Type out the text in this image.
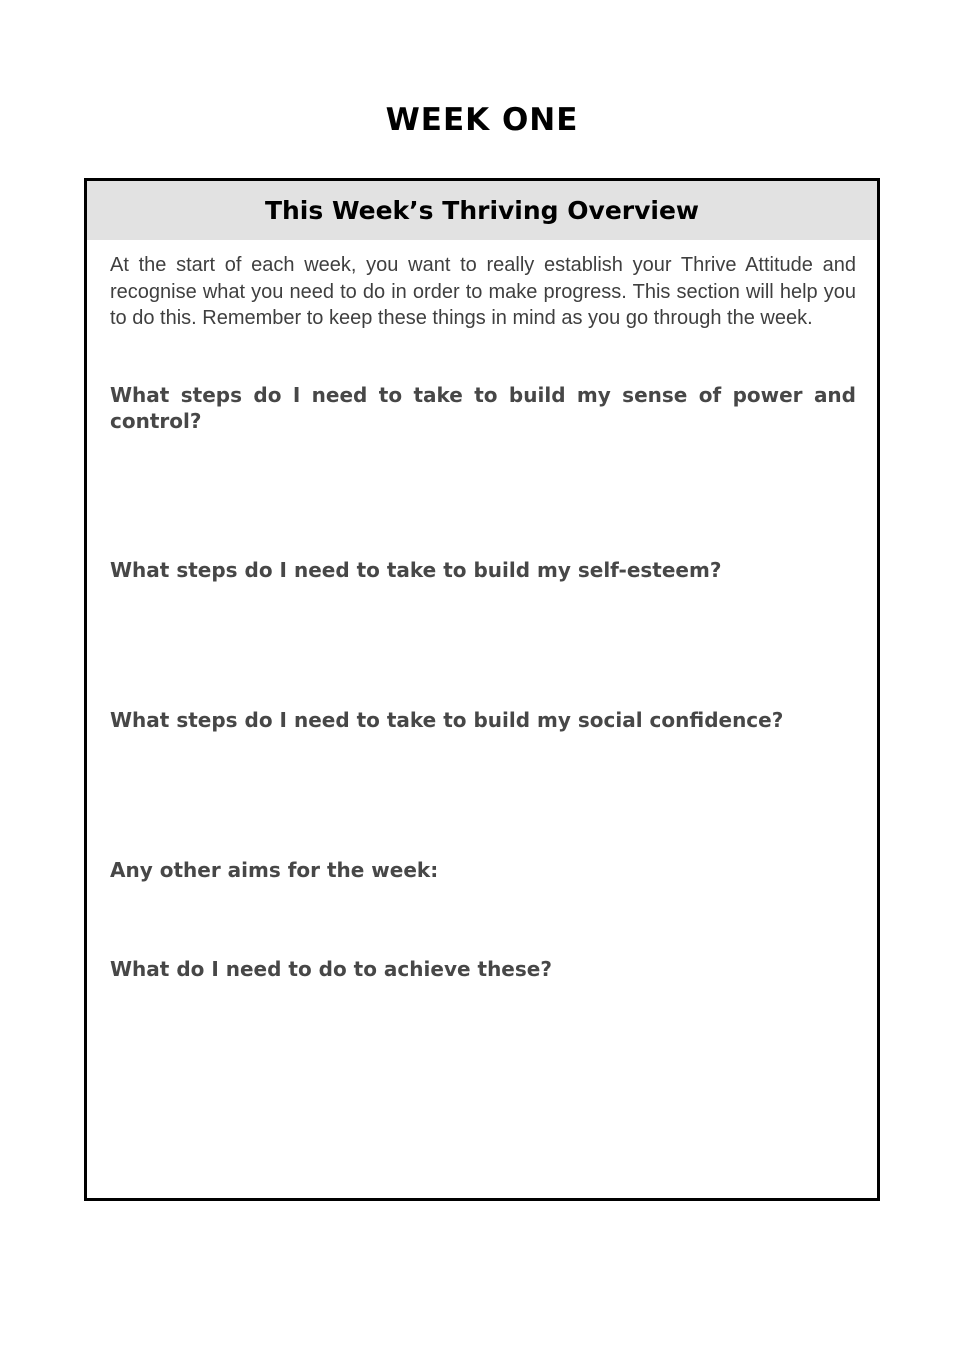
WEEK ONE
This Week’s Thriving Overview

At the start of each week, you want to really establish your Thrive Attitude and recognise what you need to do in order to make progress. This section will help you to do this. Remember to keep these things in mind as you go through the week.

What steps do I need to take to build my sense of power and control?

What steps do I need to take to build my self-esteem?

What steps do I need to take to build my social confidence?

Any other aims for the week:

What do I need to do to achieve these?
